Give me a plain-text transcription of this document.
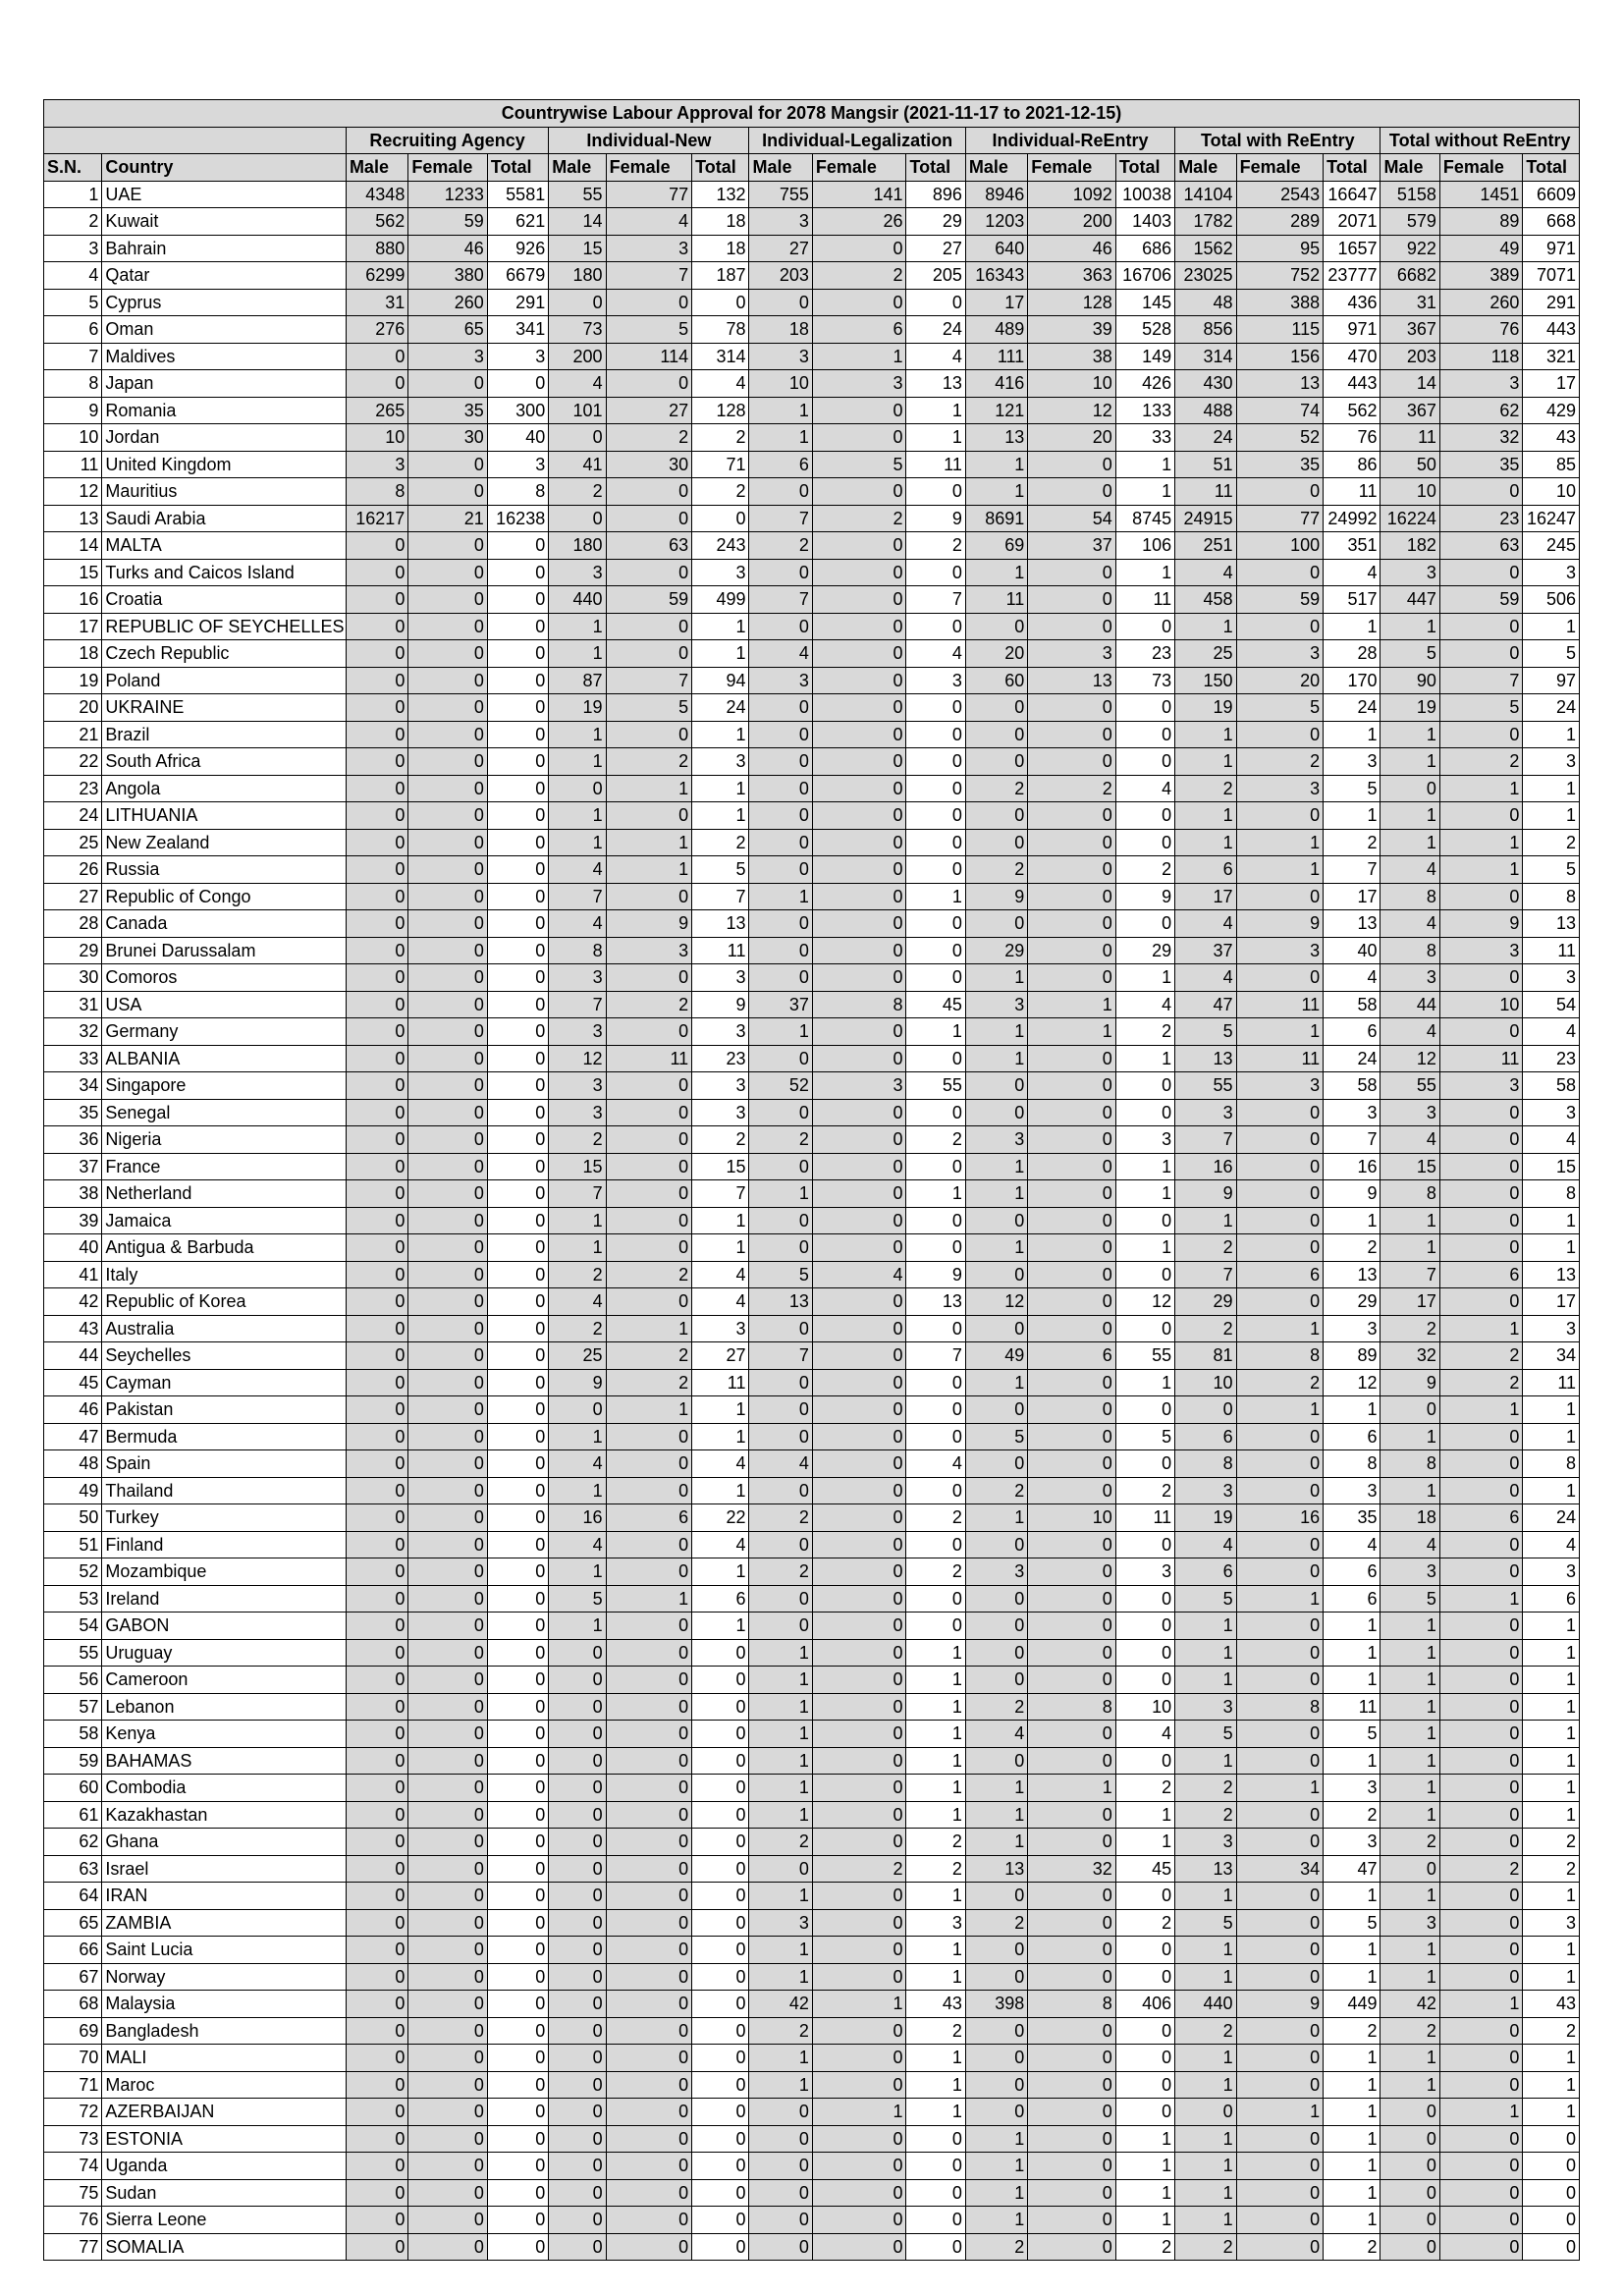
Countrywise Labour Approval for 2078 Mangsir (2021-11-17 to 2021-12-15)																			
		Recruiting Agency			Individual-New			Individual-Legalization			Individual-ReEntry			Total with ReEntry			Total without ReEntry		
S.N.	Country	Male	Female	Total	Male	Female	Total	Male	Female	Total	Male	Female	Total	Male	Female	Total	Male	Female	Total
1	UAE	4348	1233	5581	55	77	132	755	141	896	8946	1092	10038	14104	2543	16647	5158	1451	6609
2	Kuwait	562	59	621	14	4	18	3	26	29	1203	200	1403	1782	289	2071	579	89	668
3	Bahrain	880	46	926	15	3	18	27	0	27	640	46	686	1562	95	1657	922	49	971
4	Qatar	6299	380	6679	180	7	187	203	2	205	16343	363	16706	23025	752	23777	6682	389	7071
5	Cyprus	31	260	291	0	0	0	0	0	0	17	128	145	48	388	436	31	260	291
6	Oman	276	65	341	73	5	78	18	6	24	489	39	528	856	115	971	367	76	443
7	Maldives	0	3	3	200	114	314	3	1	4	111	38	149	314	156	470	203	118	321
8	Japan	0	0	0	4	0	4	10	3	13	416	10	426	430	13	443	14	3	17
9	Romania	265	35	300	101	27	128	1	0	1	121	12	133	488	74	562	367	62	429
10	Jordan	10	30	40	0	2	2	1	0	1	13	20	33	24	52	76	11	32	43
11	United Kingdom	3	0	3	41	30	71	6	5	11	1	0	1	51	35	86	50	35	85
12	Mauritius	8	0	8	2	0	2	0	0	0	1	0	1	11	0	11	10	0	10
13	Saudi Arabia	16217	21	16238	0	0	0	7	2	9	8691	54	8745	24915	77	24992	16224	23	16247
14	MALTA	0	0	0	180	63	243	2	0	2	69	37	106	251	100	351	182	63	245
15	Turks and Caicos Island	0	0	0	3	0	3	0	0	0	1	0	1	4	0	4	3	0	3
16	Croatia	0	0	0	440	59	499	7	0	7	11	0	11	458	59	517	447	59	506
17	REPUBLIC OF SEYCHELLES	0	0	0	1	0	1	0	0	0	0	0	0	1	0	1	1	0	1
18	Czech Republic	0	0	0	1	0	1	4	0	4	20	3	23	25	3	28	5	0	5
19	Poland	0	0	0	87	7	94	3	0	3	60	13	73	150	20	170	90	7	97
20	UKRAINE	0	0	0	19	5	24	0	0	0	0	0	0	19	5	24	19	5	24
21	Brazil	0	0	0	1	0	1	0	0	0	0	0	0	1	0	1	1	0	1
22	South Africa	0	0	0	1	2	3	0	0	0	0	0	0	1	2	3	1	2	3
23	Angola	0	0	0	0	1	1	0	0	0	2	2	4	2	3	5	0	1	1
24	LITHUANIA	0	0	0	1	0	1	0	0	0	0	0	0	1	0	1	1	0	1
25	New Zealand	0	0	0	1	1	2	0	0	0	0	0	0	1	1	2	1	1	2
26	Russia	0	0	0	4	1	5	0	0	0	2	0	2	6	1	7	4	1	5
27	Republic of Congo	0	0	0	7	0	7	1	0	1	9	0	9	17	0	17	8	0	8
28	Canada	0	0	0	4	9	13	0	0	0	0	0	0	4	9	13	4	9	13
29	Brunei Darussalam	0	0	0	8	3	11	0	0	0	29	0	29	37	3	40	8	3	11
30	Comoros	0	0	0	3	0	3	0	0	0	1	0	1	4	0	4	3	0	3
31	USA	0	0	0	7	2	9	37	8	45	3	1	4	47	11	58	44	10	54
32	Germany	0	0	0	3	0	3	1	0	1	1	1	2	5	1	6	4	0	4
33	ALBANIA	0	0	0	12	11	23	0	0	0	1	0	1	13	11	24	12	11	23
34	Singapore	0	0	0	3	0	3	52	3	55	0	0	0	55	3	58	55	3	58
35	Senegal	0	0	0	3	0	3	0	0	0	0	0	0	3	0	3	3	0	3
36	Nigeria	0	0	0	2	0	2	2	0	2	3	0	3	7	0	7	4	0	4
37	France	0	0	0	15	0	15	0	0	0	1	0	1	16	0	16	15	0	15
38	Netherland	0	0	0	7	0	7	1	0	1	1	0	1	9	0	9	8	0	8
39	Jamaica	0	0	0	1	0	1	0	0	0	0	0	0	1	0	1	1	0	1
40	Antigua & Barbuda	0	0	0	1	0	1	0	0	0	1	0	1	2	0	2	1	0	1
41	Italy	0	0	0	2	2	4	5	4	9	0	0	0	7	6	13	7	6	13
42	Republic of Korea	0	0	0	4	0	4	13	0	13	12	0	12	29	0	29	17	0	17
43	Australia	0	0	0	2	1	3	0	0	0	0	0	0	2	1	3	2	1	3
44	Seychelles	0	0	0	25	2	27	7	0	7	49	6	55	81	8	89	32	2	34
45	Cayman	0	0	0	9	2	11	0	0	0	1	0	1	10	2	12	9	2	11
46	Pakistan	0	0	0	0	1	1	0	0	0	0	0	0	0	1	1	0	1	1
47	Bermuda	0	0	0	1	0	1	0	0	0	5	0	5	6	0	6	1	0	1
48	Spain	0	0	0	4	0	4	4	0	4	0	0	0	8	0	8	8	0	8
49	Thailand	0	0	0	1	0	1	0	0	0	2	0	2	3	0	3	1	0	1
50	Turkey	0	0	0	16	6	22	2	0	2	1	10	11	19	16	35	18	6	24
51	Finland	0	0	0	4	0	4	0	0	0	0	0	0	4	0	4	4	0	4
52	Mozambique	0	0	0	1	0	1	2	0	2	3	0	3	6	0	6	3	0	3
53	Ireland	0	0	0	5	1	6	0	0	0	0	0	0	5	1	6	5	1	6
54	GABON	0	0	0	1	0	1	0	0	0	0	0	0	1	0	1	1	0	1
55	Uruguay	0	0	0	0	0	0	1	0	1	0	0	0	1	0	1	1	0	1
56	Cameroon	0	0	0	0	0	0	1	0	1	0	0	0	1	0	1	1	0	1
57	Lebanon	0	0	0	0	0	0	1	0	1	2	8	10	3	8	11	1	0	1
58	Kenya	0	0	0	0	0	0	1	0	1	4	0	4	5	0	5	1	0	1
59	BAHAMAS	0	0	0	0	0	0	1	0	1	0	0	0	1	0	1	1	0	1
60	Combodia	0	0	0	0	0	0	1	0	1	1	1	2	2	1	3	1	0	1
61	Kazakhastan	0	0	0	0	0	0	1	0	1	1	0	1	2	0	2	1	0	1
62	Ghana	0	0	0	0	0	0	2	0	2	1	0	1	3	0	3	2	0	2
63	Israel	0	0	0	0	0	0	0	2	2	13	32	45	13	34	47	0	2	2
64	IRAN	0	0	0	0	0	0	1	0	1	0	0	0	1	0	1	1	0	1
65	ZAMBIA	0	0	0	0	0	0	3	0	3	2	0	2	5	0	5	3	0	3
66	Saint Lucia	0	0	0	0	0	0	1	0	1	0	0	0	1	0	1	1	0	1
67	Norway	0	0	0	0	0	0	1	0	1	0	0	0	1	0	1	1	0	1
68	Malaysia	0	0	0	0	0	0	42	1	43	398	8	406	440	9	449	42	1	43
69	Bangladesh	0	0	0	0	0	0	2	0	2	0	0	0	2	0	2	2	0	2
70	MALI	0	0	0	0	0	0	1	0	1	0	0	0	1	0	1	1	0	1
71	Maroc	0	0	0	0	0	0	1	0	1	0	0	0	1	0	1	1	0	1
72	AZERBAIJAN	0	0	0	0	0	0	0	1	1	0	0	0	0	1	1	0	1	1
73	ESTONIA	0	0	0	0	0	0	0	0	0	1	0	1	1	0	1	0	0	0
74	Uganda	0	0	0	0	0	0	0	0	0	1	0	1	1	0	1	0	0	0
75	Sudan	0	0	0	0	0	0	0	0	0	1	0	1	1	0	1	0	0	0
76	Sierra Leone	0	0	0	0	0	0	0	0	0	1	0	1	1	0	1	0	0	0
77	SOMALIA	0	0	0	0	0	0	0	0	0	2	0	2	2	0	2	0	0	0
